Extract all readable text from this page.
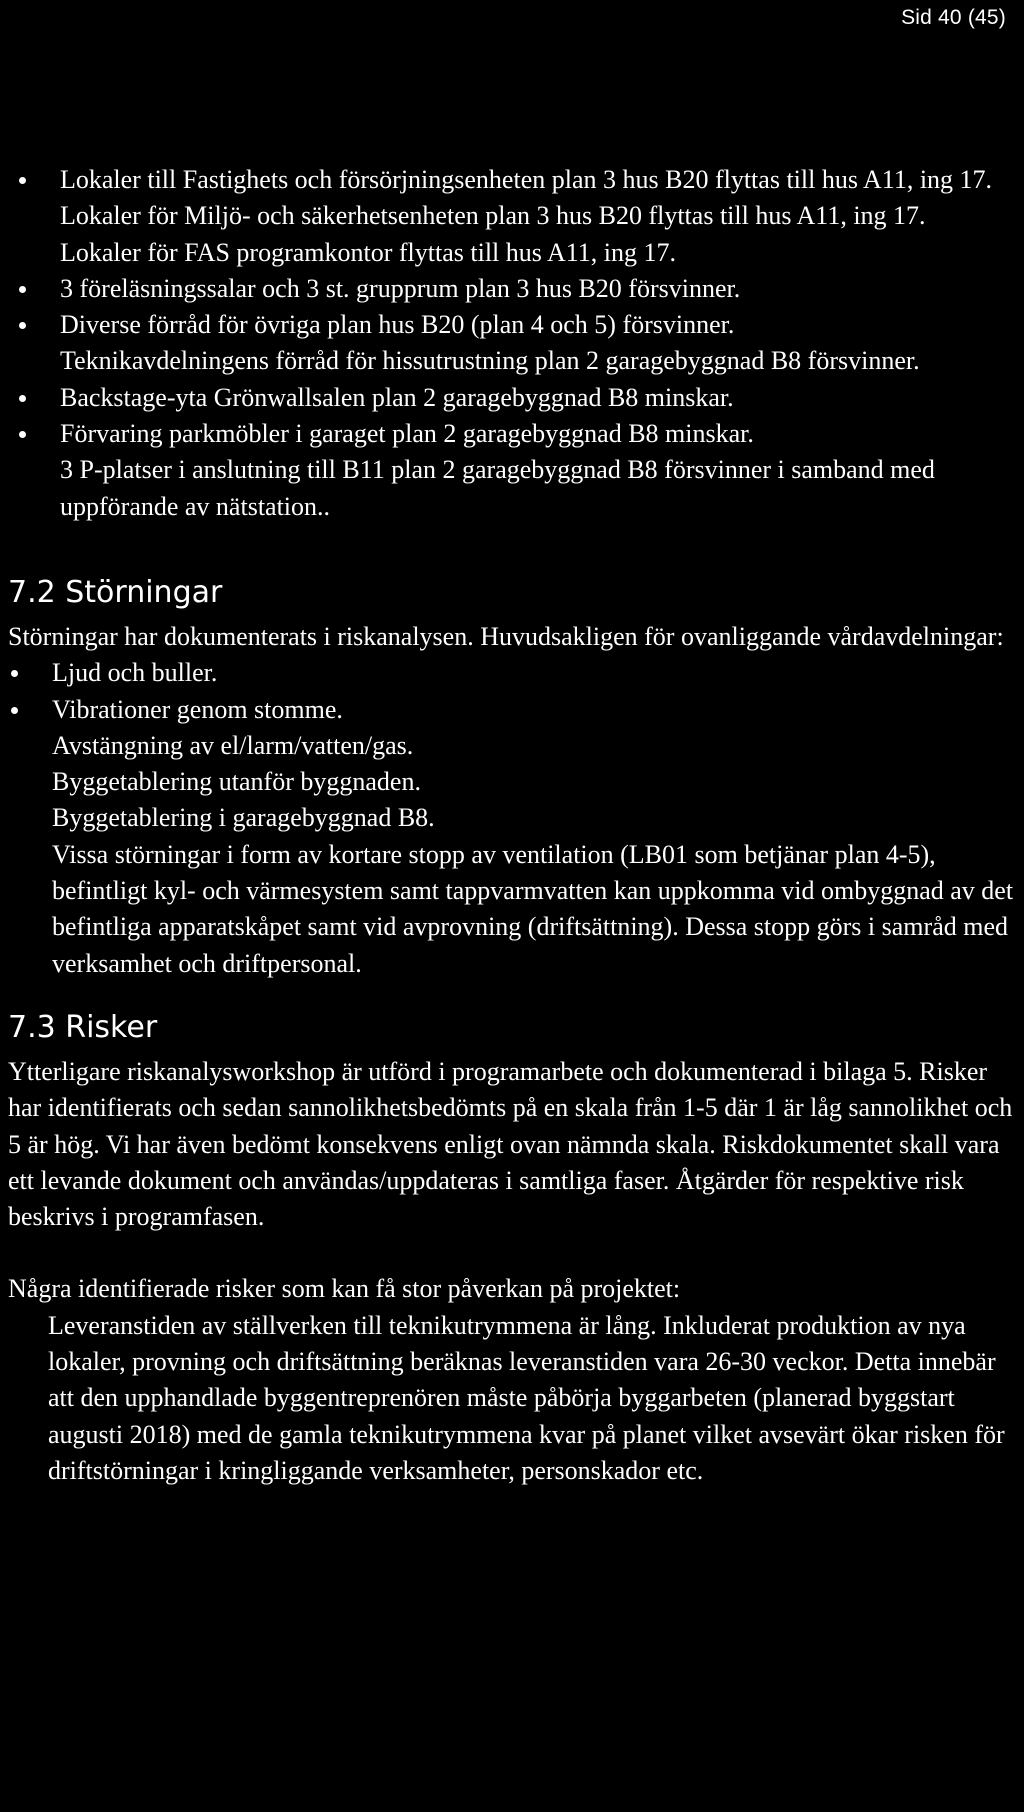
Sid 40 (45)
Lokaler till Fastighets och försörjningsenheten plan 3 hus B20 flyttas till hus A11, ing 17.
Lokaler för Miljö- och säkerhetsenheten plan 3 hus B20 flyttas till hus A11, ing 17.
Lokaler för FAS programkontor flyttas till hus A11, ing 17.
3 föreläsningssalar och 3 st. grupprum plan 3 hus B20 försvinner.
Diverse förråd för övriga plan hus B20 (plan 4 och 5) försvinner.
Teknikavdelningens förråd för hissutrustning plan 2 garagebyggnad B8 försvinner.
Backstage-yta Grönwallsalen plan 2 garagebyggnad B8 minskar.
Förvaring parkmöbler i garaget plan 2 garagebyggnad B8 minskar.
3 P-platser i anslutning till B11 plan 2 garagebyggnad B8 försvinner i samband med uppförande av nätstation..
7.2 Störningar

Störningar har dokumenterats i riskanalysen. Huvudsakligen för ovanliggande vårdavdelningar:

Ljud och buller.
Vibrationer genom stomme.
Avstängning av el/larm/vatten/gas.
Byggetablering utanför byggnaden.
Byggetablering i garagebyggnad B8.
Vissa störningar i form av kortare stopp av ventilation (LB01 som betjänar plan 4-5), befintligt kyl- och värmesystem samt tappvarmvatten kan uppkomma vid ombyggnad av det befintliga apparatskåpet samt vid avprovning (driftsättning). Dessa stopp görs i samråd med verksamhet och driftpersonal.
7.3 Risker

Ytterligare riskanalysworkshop är utförd i programarbete och dokumenterad i bilaga 5. Risker har identifierats och sedan sannolikhetsbedömts på en skala från 1-5 där 1 är låg sannolikhet och 5 är hög. Vi har även bedömt konsekvens enligt ovan nämnda skala. Riskdokumentet skall vara ett levande dokument och användas/uppdateras i samtliga faser. Åtgärder för respektive risk beskrivs i programfasen.

Några identifierade risker som kan få stor påverkan på projektet:

Leveranstiden av ställverken till teknikutrymmena är lång. Inkluderat produktion av nya lokaler, provning och driftsättning beräknas leveranstiden vara 26-30 veckor. Detta innebär att den upphandlade byggentreprenören måste påbörja byggarbeten (planerad byggstart augusti 2018) med de gamla teknikutrymmena kvar på planet vilket avsevärt ökar risken för driftstörningar i kringliggande verksamheter, personskador etc.
